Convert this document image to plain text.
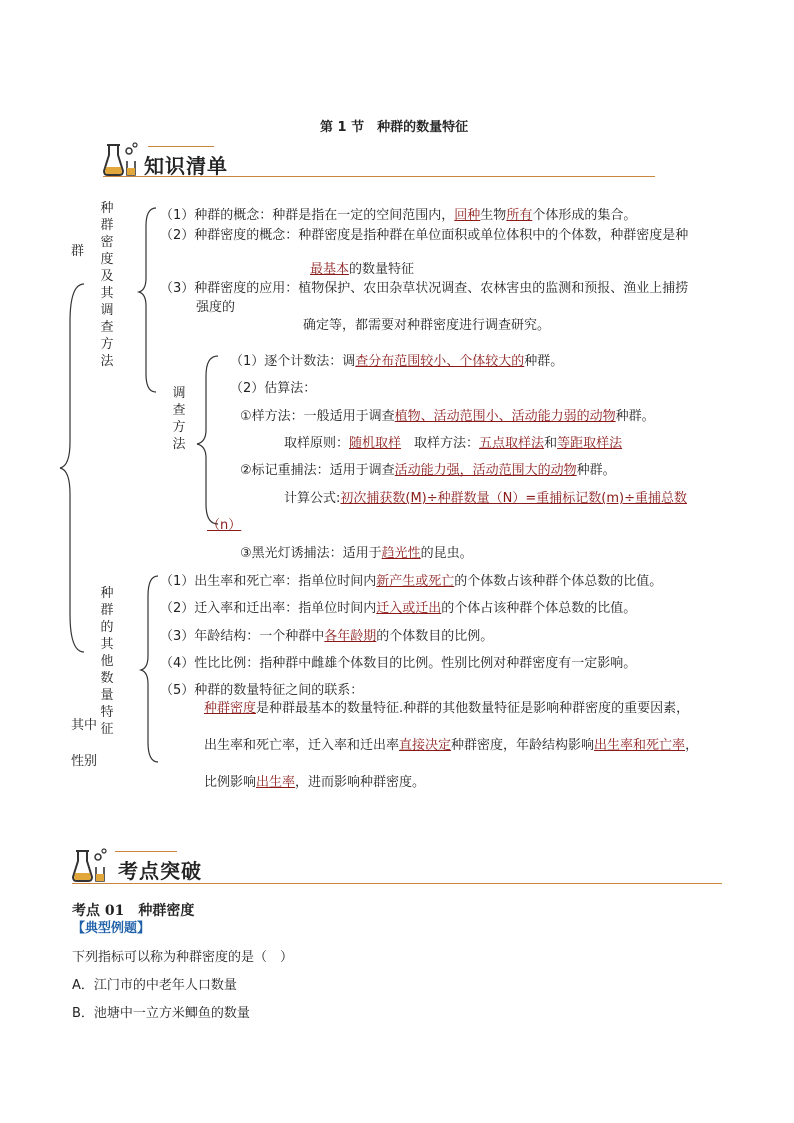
第 1 节　种群的数量特征
知识清单
群
其中
性别
种群密度及其调查方法
（1）种群的概念：种群是指在一定的空间范围内，回种生物所有个体形成的集合。
（2）种群密度的概念：种群密度是指种群在单位面积或单位体积中的个体数，种群密度是种
最基本的数量特征
（3）种群密度的应用：植物保护、农田杂草状况调查、农林害虫的监测和预报、渔业上捕捞
强度的
确定等，都需要对种群密度进行调查研究。
调查方法
（1）逐个计数法：调查分布范围较小、个体较大的种群。
（2）估算法：
①样方法：一般适用于调查植物、活动范围小、活动能力弱的动物种群。
取样原则：随机取样　取样方法：五点取样法和等距取样法
②标记重捕法：适用于调查活动能力强，活动范围大的动物种群。
计算公式:初次捕获数(M)÷种群数量（N）=重捕标记数(m)÷重捕总数
（n）
③黑光灯诱捕法：适用于趋光性的昆虫。
种群的其他数量特征
（1）出生率和死亡率：指单位时间内新产生或死亡的个体数占该种群个体总数的比值。
（2）迁入率和迁出率：指单位时间内迁入或迁出的个体占该种群个体总数的比值。
（3）年龄结构：一个种群中各年龄期的个体数目的比例。
（4）性比比例：指种群中雌雄个体数目的比例。性别比例对种群密度有一定影响。
（5）种群的数量特征之间的联系：
种群密度是种群最基本的数量特征.种群的其他数量特征是影响种群密度的重要因素，
出生率和死亡率，迁入率和迁出率直接决定种群密度，年龄结构影响出生率和死亡率，
比例影响出生率，进而影响种群密度。
考点突破
考点 01　种群密度
【典型例题】
下列指标可以称为种群密度的是（　）
A．江门市的中老年人口数量
B．池塘中一立方米鲫鱼的数量
